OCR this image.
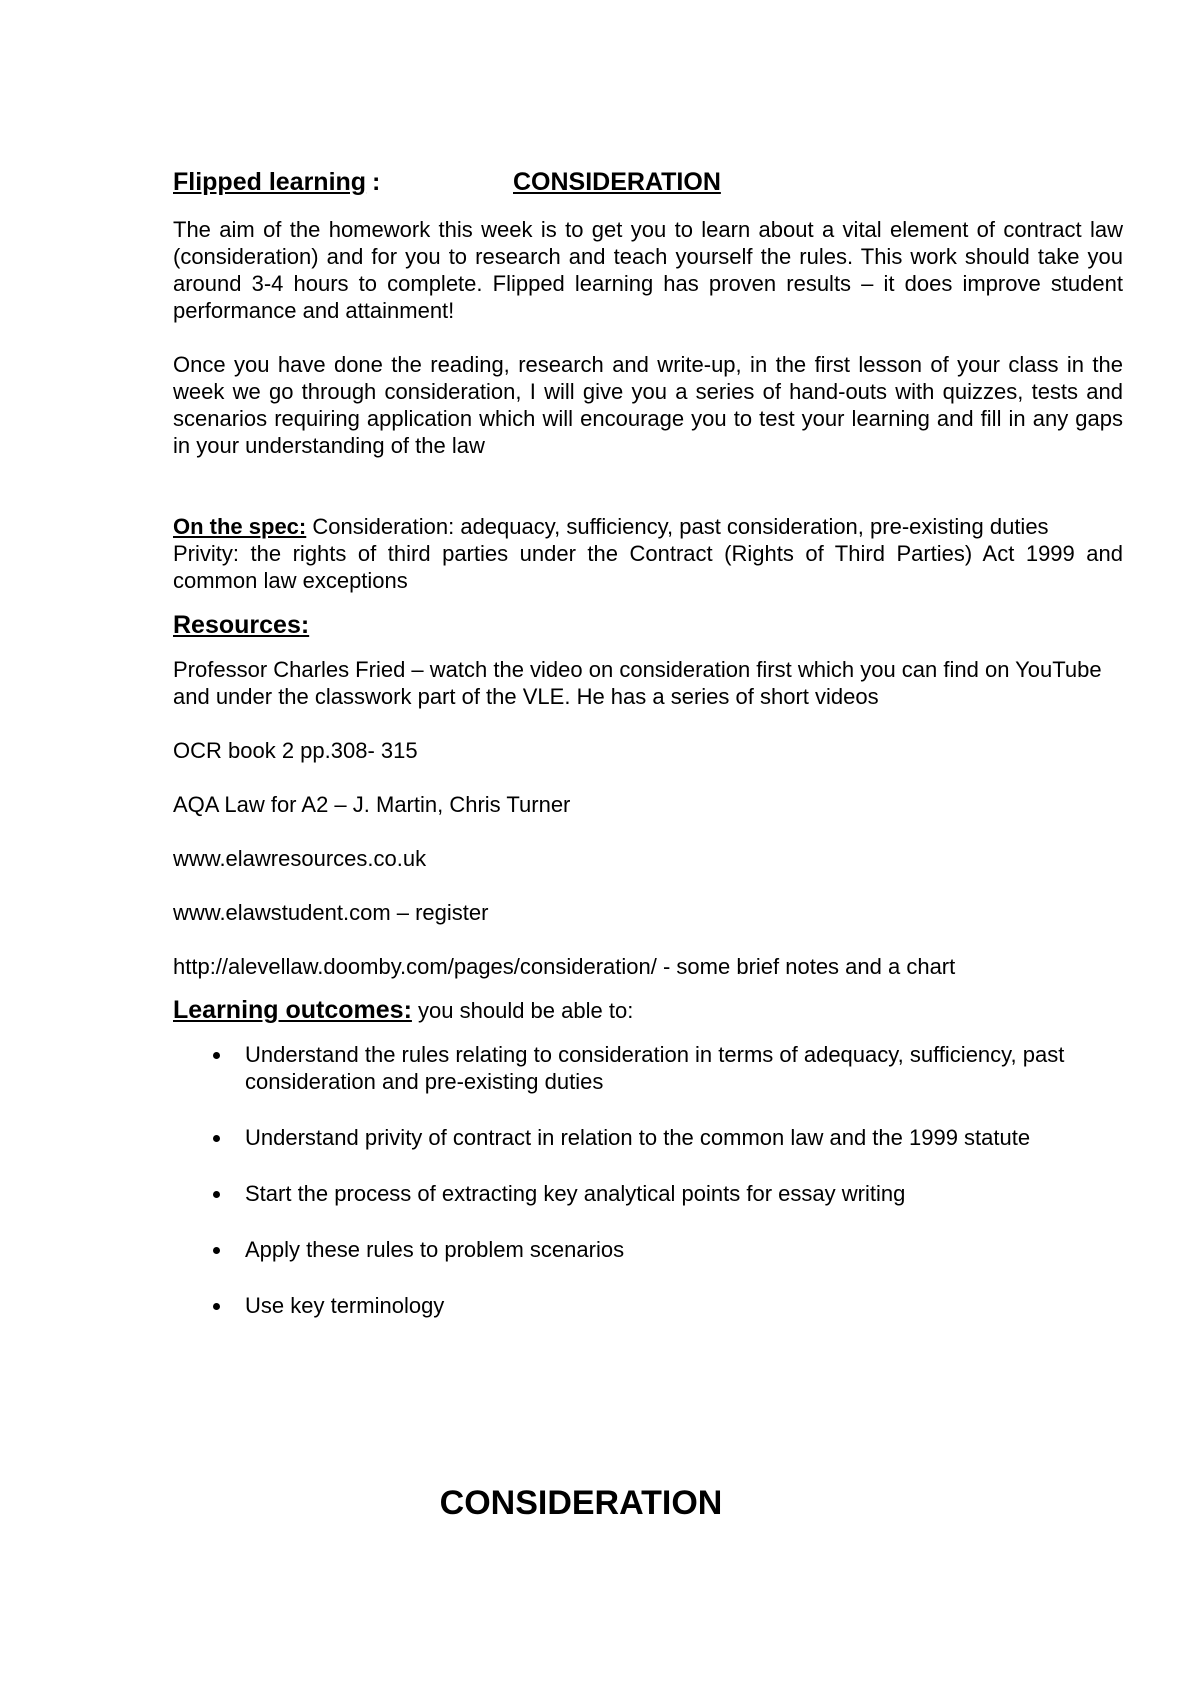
Flipped learning :	CONSIDERATION

The aim of the homework this week is to get you to learn about a vital element of contract law (consideration) and for you to research and teach yourself the rules. This work should take you around 3-4 hours to complete. Flipped learning has proven results – it does improve student performance and attainment!

Once you have done the reading, research and write-up, in the first lesson of your class in the week we go through consideration, I will give you a series of hand-outs with quizzes, tests and scenarios requiring application which will encourage you to test your learning and fill in any gaps in your understanding of the law

On the spec: Consideration: adequacy, sufficiency, past consideration, pre-existing duties

Privity: the rights of third parties under the Contract (Rights of Third Parties) Act 1999 and common law exceptions

Resources:

Professor Charles Fried – watch the video on consideration first which you can find on YouTube and under the classwork part of the VLE. He has a series of short videos

OCR book 2 pp.308- 315

AQA Law for A2 – J. Martin, Chris Turner

www.elawresources.co.uk

www.elawstudent.com – register

http://alevellaw.doomby.com/pages/consideration/ - some brief notes and a chart

Learning outcomes: you should be able to:
Understand the rules relating to consideration in terms of adequacy, sufficiency, past consideration and pre-existing duties
Understand privity of contract in relation to the common law and the 1999 statute
Start the process of extracting key analytical points for essay writing
Apply these rules to problem scenarios
Use key terminology
CONSIDERATION
